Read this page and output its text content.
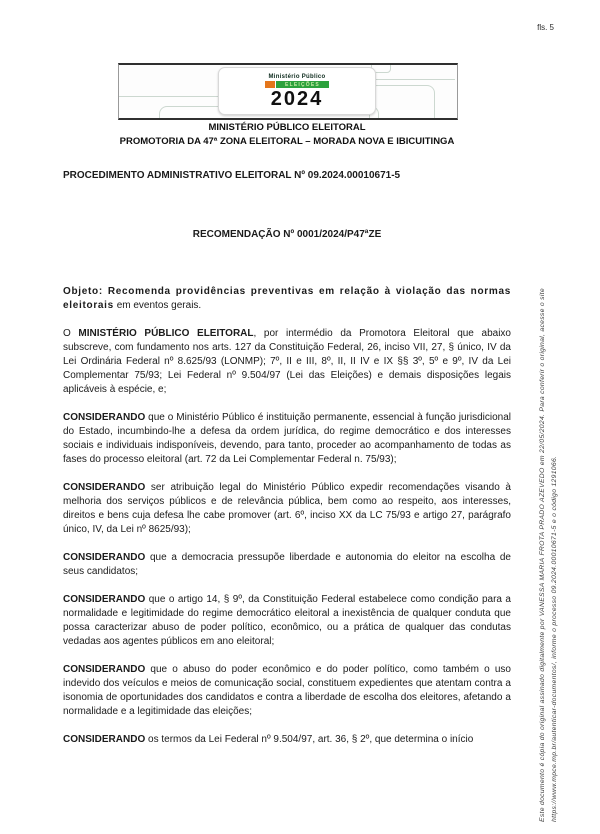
fls. 5
Ministério Público
ELEIÇÕES
2024
MINISTÉRIO PÚBLICO ELEITORAL
PROMOTORIA DA 47ª ZONA ELEITORAL – MORADA NOVA E IBICUITINGA

PROCEDIMENTO ADMINISTRATIVO ELEITORAL Nº 09.2024.00010671-5

RECOMENDAÇÃO Nº 0001/2024/P47ªZE

Objeto: Recomenda providências preventivas em relação à violação das normas eleitorais em eventos gerais.

O MINISTÉRIO PÚBLICO ELEITORAL, por intermédio da Promotora Eleitoral que abaixo subscreve, com fundamento nos arts. 127 da Constituição Federal, 26, inciso VII, 27, § único, IV da Lei Ordinária Federal nº 8.625/93 (LONMP); 7º, II e III, 8º, II, II IV e IX §§ 3º, 5º e 9º, IV da Lei Complementar 75/93; Lei Federal nº 9.504/97 (Lei das Eleições) e demais disposições legais aplicáveis à espécie, e;

CONSIDERANDO que o Ministério Público é instituição permanente, essencial à função jurisdicional do Estado, incumbindo-lhe a defesa da ordem jurídica, do regime democrático e dos interesses sociais e individuais indisponíveis, devendo, para tanto, proceder ao acompanhamento de todas as fases do processo eleitoral (art. 72 da Lei Complementar Federal n. 75/93);

CONSIDERANDO ser atribuição legal do Ministério Público expedir recomendações visando à melhoria dos serviços públicos e de relevância pública, bem como ao respeito, aos interesses, direitos e bens cuja defesa lhe cabe promover (art. 6º, inciso XX da LC 75/93 e artigo 27, parágrafo único, IV, da Lei nº 8625/93);

CONSIDERANDO que a democracia pressupõe liberdade e autonomia do eleitor na escolha de seus candidatos;

CONSIDERANDO que o artigo 14, § 9º, da Constituição Federal estabelece como condição para a normalidade e legitimidade do regime democrático eleitoral a inexistência de qualquer conduta que possa caracterizar abuso de poder político, econômico, ou a prática de qualquer das condutas vedadas aos agentes públicos em ano eleitoral;

CONSIDERANDO que o abuso do poder econômico e do poder político, como também o uso indevido dos veículos e meios de comunicação social, constituem expedientes que atentam contra a isonomia de oportunidades dos candidatos e contra a liberdade de escolha dos eleitores, afetando a normalidade e a legitimidade das eleições;

CONSIDERANDO os termos da Lei Federal nº 9.504/97, art. 36, § 2º, que determina o início	Este documento é cópia do original assinado digitalmente por VANESSA MARIA FROTA PRADO AZEVEDO em 22/05/2024. Para conferir o original, acesse o site https://www.mpce.mp.br/autenticar-documentos/, informe o processo 09.2024.00010671-5 e o código 1291066.
